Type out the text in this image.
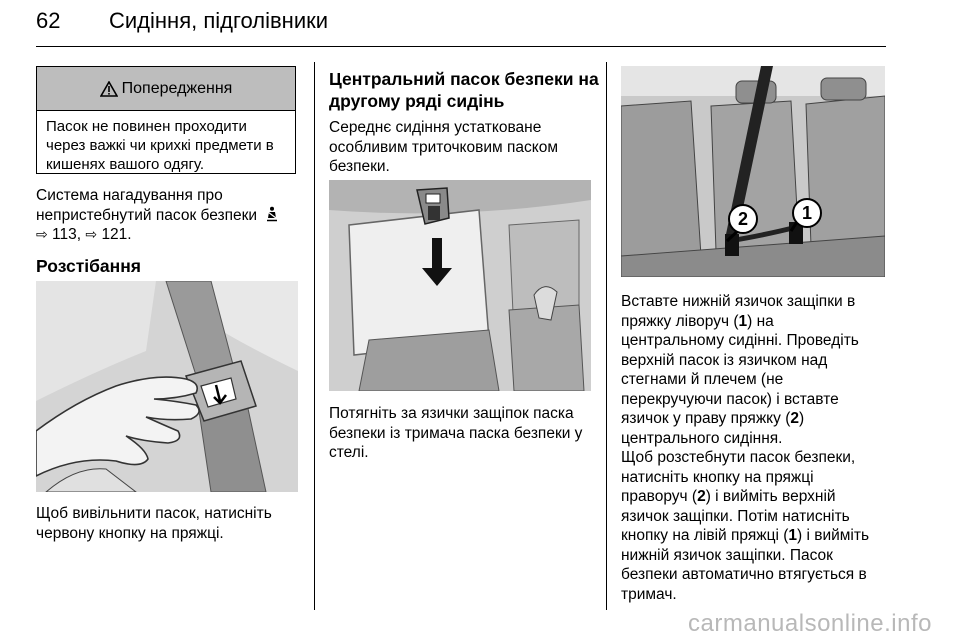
62 Сидіння, підголівники
Попередження
Пасок не повинен проходити
через важкі чи крихкі предмети в
кишенях вашого одягу.
Система нагадування про
непристебнутий пасок безпеки
⇨ 113, ⇨ 121.
Розстібання
Щоб вивільнити пасок, натисніть
червону кнопку на пряжці.
Центральний пасок безпеки на
другому ряді сидінь
Середнє сидіння устатковане
особливим триточковим паском
безпеки.
Потягніть за язички защіпок паска
безпеки із тримача паска безпеки у
стелі.
2	1
Вставте нижній язичок защіпки в
пряжку ліворуч (1) на
центральному сидінні. Проведіть
верхній пасок із язичком над
стегнами й плечем (не
перекручуючи пасок) і вставте
язичок у праву пряжку (2)
центрального сидіння.
Щоб розстебнути пасок безпеки,
натисніть кнопку на пряжці
праворуч (2) і вийміть верхній
язичок защіпки. Потім натисніть
кнопку на лівій пряжці (1) і вийміть
нижній язичок защіпки. Пасок
безпеки автоматично втягується в
тримач.
carmanualsonline.info
